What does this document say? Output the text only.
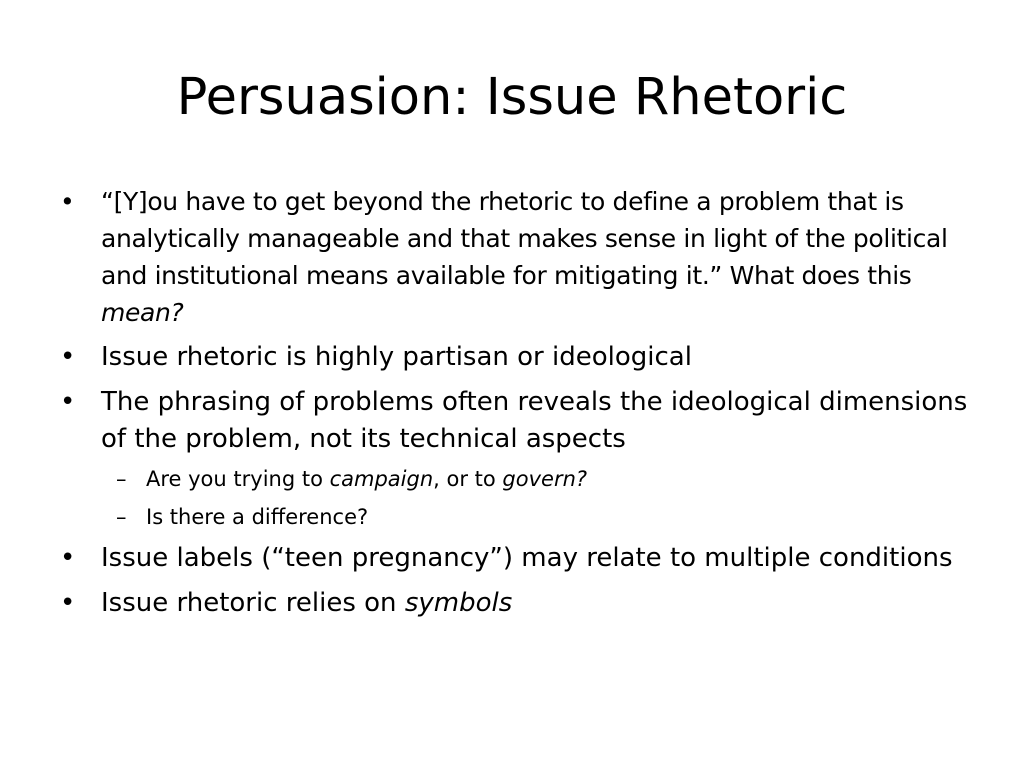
Persuasion: Issue Rhetoric
• “[Y]ou have to get beyond the rhetoric to define a problem that is analytically manageable and that makes sense in light of the political and institutional means available for mitigating it.” What does this mean?
• Issue rhetoric is highly partisan or ideological
• The phrasing of problems often reveals the ideological dimensions of the problem, not its technical aspects
– Are you trying to campaign, or to govern?
– Is there a difference?
• Issue labels (“teen pregnancy”) may relate to multiple conditions
• Issue rhetoric relies on symbols
